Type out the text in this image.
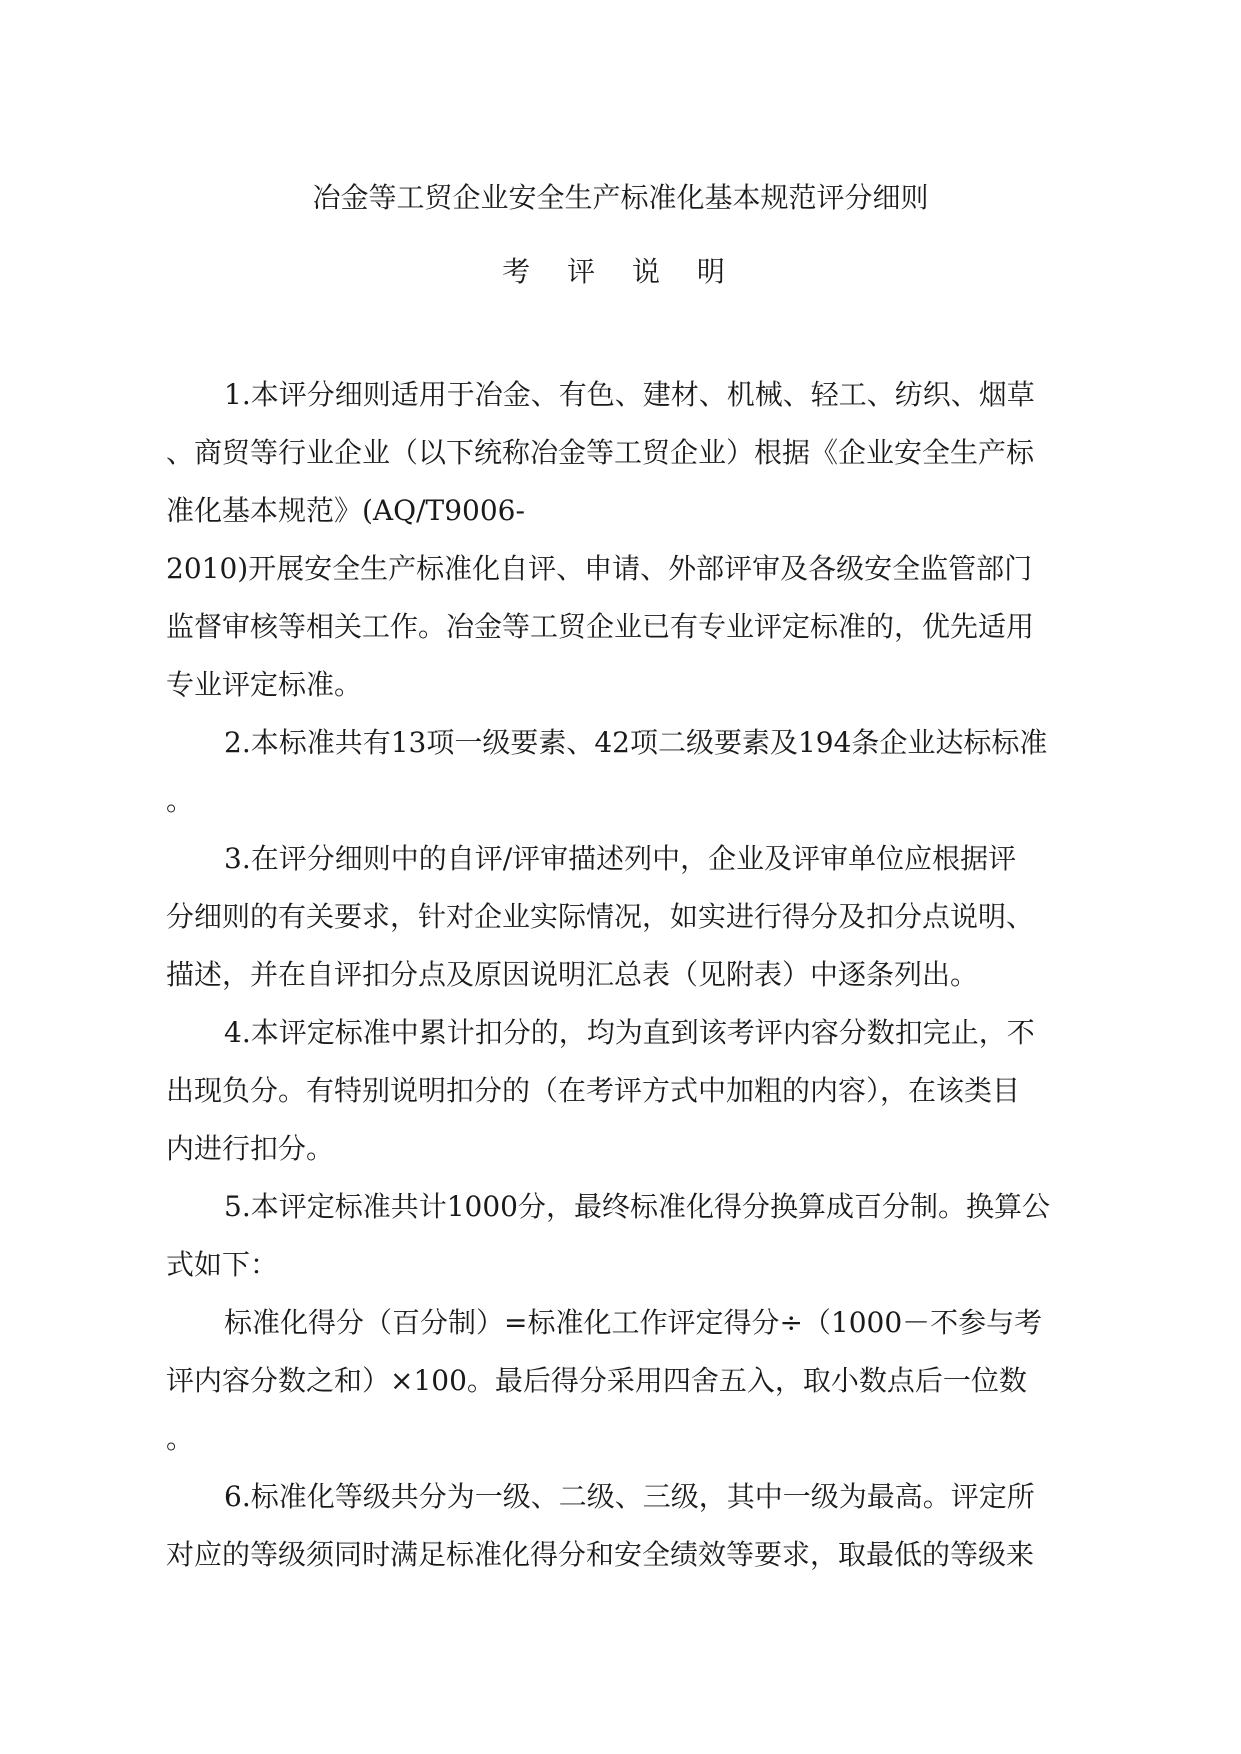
冶金等工贸企业安全生产标准化基本规范评分细则
考 评 说 明
1.本评分细则适用于冶金、有色、建材、机械、轻工、纺织、烟草
、商贸等行业企业（以下统称冶金等工贸企业）根据《企业安全生产标
准化基本规范》(AQ/T9006-
2010)开展安全生产标准化自评、申请、外部评审及各级安全监管部门
监督审核等相关工作。冶金等工贸企业已有专业评定标准的，优先适用
专业评定标准。
2.本标准共有13项一级要素、42项二级要素及194条企业达标标准
。
3.在评分细则中的自评/评审描述列中，企业及评审单位应根据评
分细则的有关要求，针对企业实际情况，如实进行得分及扣分点说明、
描述，并在自评扣分点及原因说明汇总表（见附表）中逐条列出。
4.本评定标准中累计扣分的，均为直到该考评内容分数扣完止，不
出现负分。有特别说明扣分的（在考评方式中加粗的内容），在该类目
内进行扣分。
5.本评定标准共计1000分，最终标准化得分换算成百分制。换算公
式如下：
标准化得分（百分制）=标准化工作评定得分÷（1000－不参与考
评内容分数之和）×100。最后得分采用四舍五入，取小数点后一位数
。
6.标准化等级共分为一级、二级、三级，其中一级为最高。评定所
对应的等级须同时满足标准化得分和安全绩效等要求，取最低的等级来
